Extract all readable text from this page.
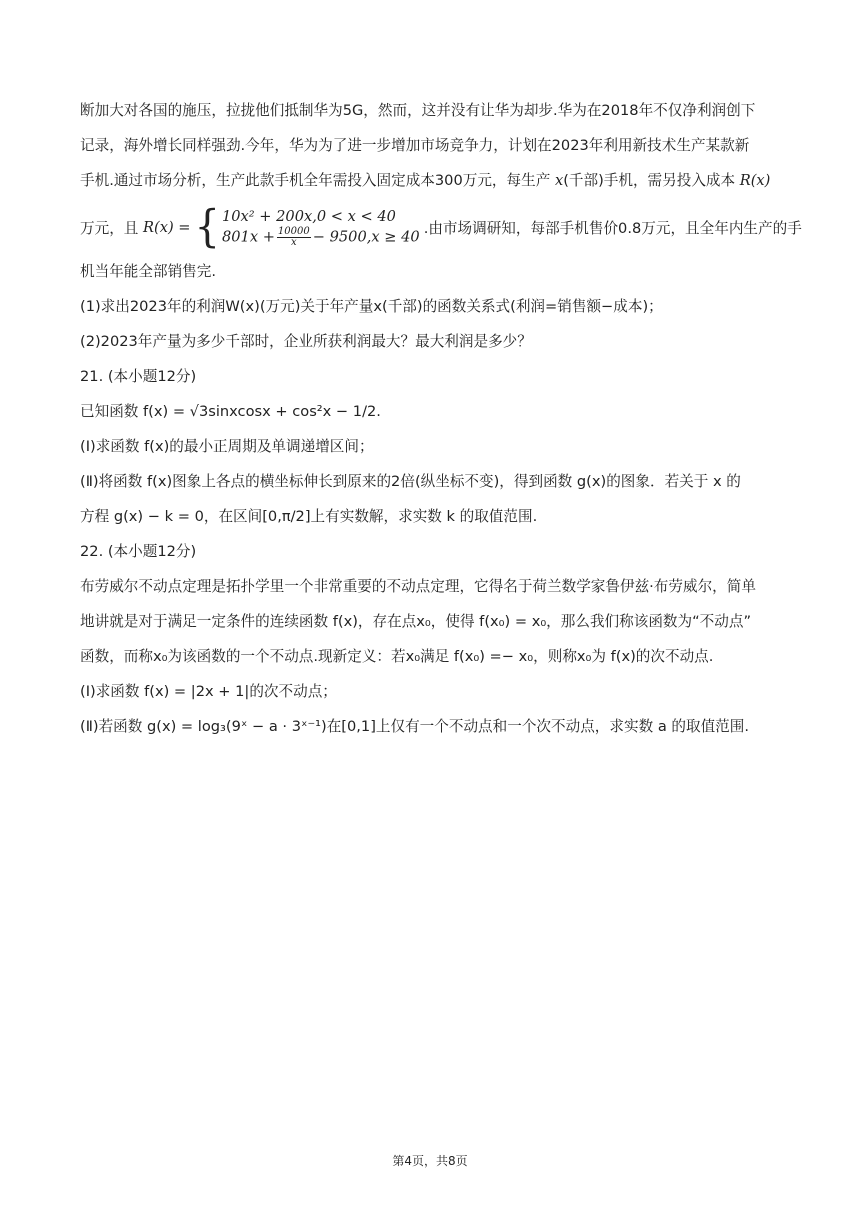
断加大对各国的施压，拉拢他们抵制华为5G，然而，这并没有让华为却步.华为在2018年不仅净利润创下

记录，海外增长同样强劲.今年，华为为了进一步增加市场竞争力，计划在2023年利用新技术生产某款新

手机.通过市场分析，生产此款手机全年需投入固定成本300万元，每生产 x(千部)手机，需另投入成本 R(x)

万元，且 R(x) = { 10x² + 200x,0 < x < 40
$801x + \frac{10000}{x} - 9500,x \ge 40$ .由市场调研知，每部手机售价0.8万元，且全年内生产的手

机当年能全部销售完.

(1)求出2023年的利润W(x)(万元)关于年产量x(千部)的函数关系式(利润=销售额−成本)；

(2)2023年产量为多少千部时，企业所获利润最大？最大利润是多少？

21. (本小题12分)

已知函数 f(x) = √3sinxcosx + cos²x − 1/2.

(Ⅰ)求函数 f(x)的最小正周期及单调递增区间；

(Ⅱ)将函数 f(x)图象上各点的横坐标伸长到原来的2倍(纵坐标不变)，得到函数 g(x)的图象．若关于 x 的

方程 g(x) − k = 0，在区间[0,π/2]上有实数解，求实数 k 的取值范围.

22. (本小题12分)

布劳威尔不动点定理是拓扑学里一个非常重要的不动点定理，它得名于荷兰数学家鲁伊兹·布劳威尔，简单

地讲就是对于满足一定条件的连续函数 f(x)，存在点x₀，使得 f(x₀) = x₀，那么我们称该函数为“不动点”

函数，而称x₀为该函数的一个不动点.现新定义：若x₀满足 f(x₀) =− x₀，则称x₀为 f(x)的次不动点.

(Ⅰ)求函数 f(x) = |2x + 1|的次不动点；

(Ⅱ)若函数 g(x) = log₃(9ˣ − a · 3ˣ⁻¹)在[0,1]上仅有一个不动点和一个次不动点，求实数 a 的取值范围.

第4页，共8页
